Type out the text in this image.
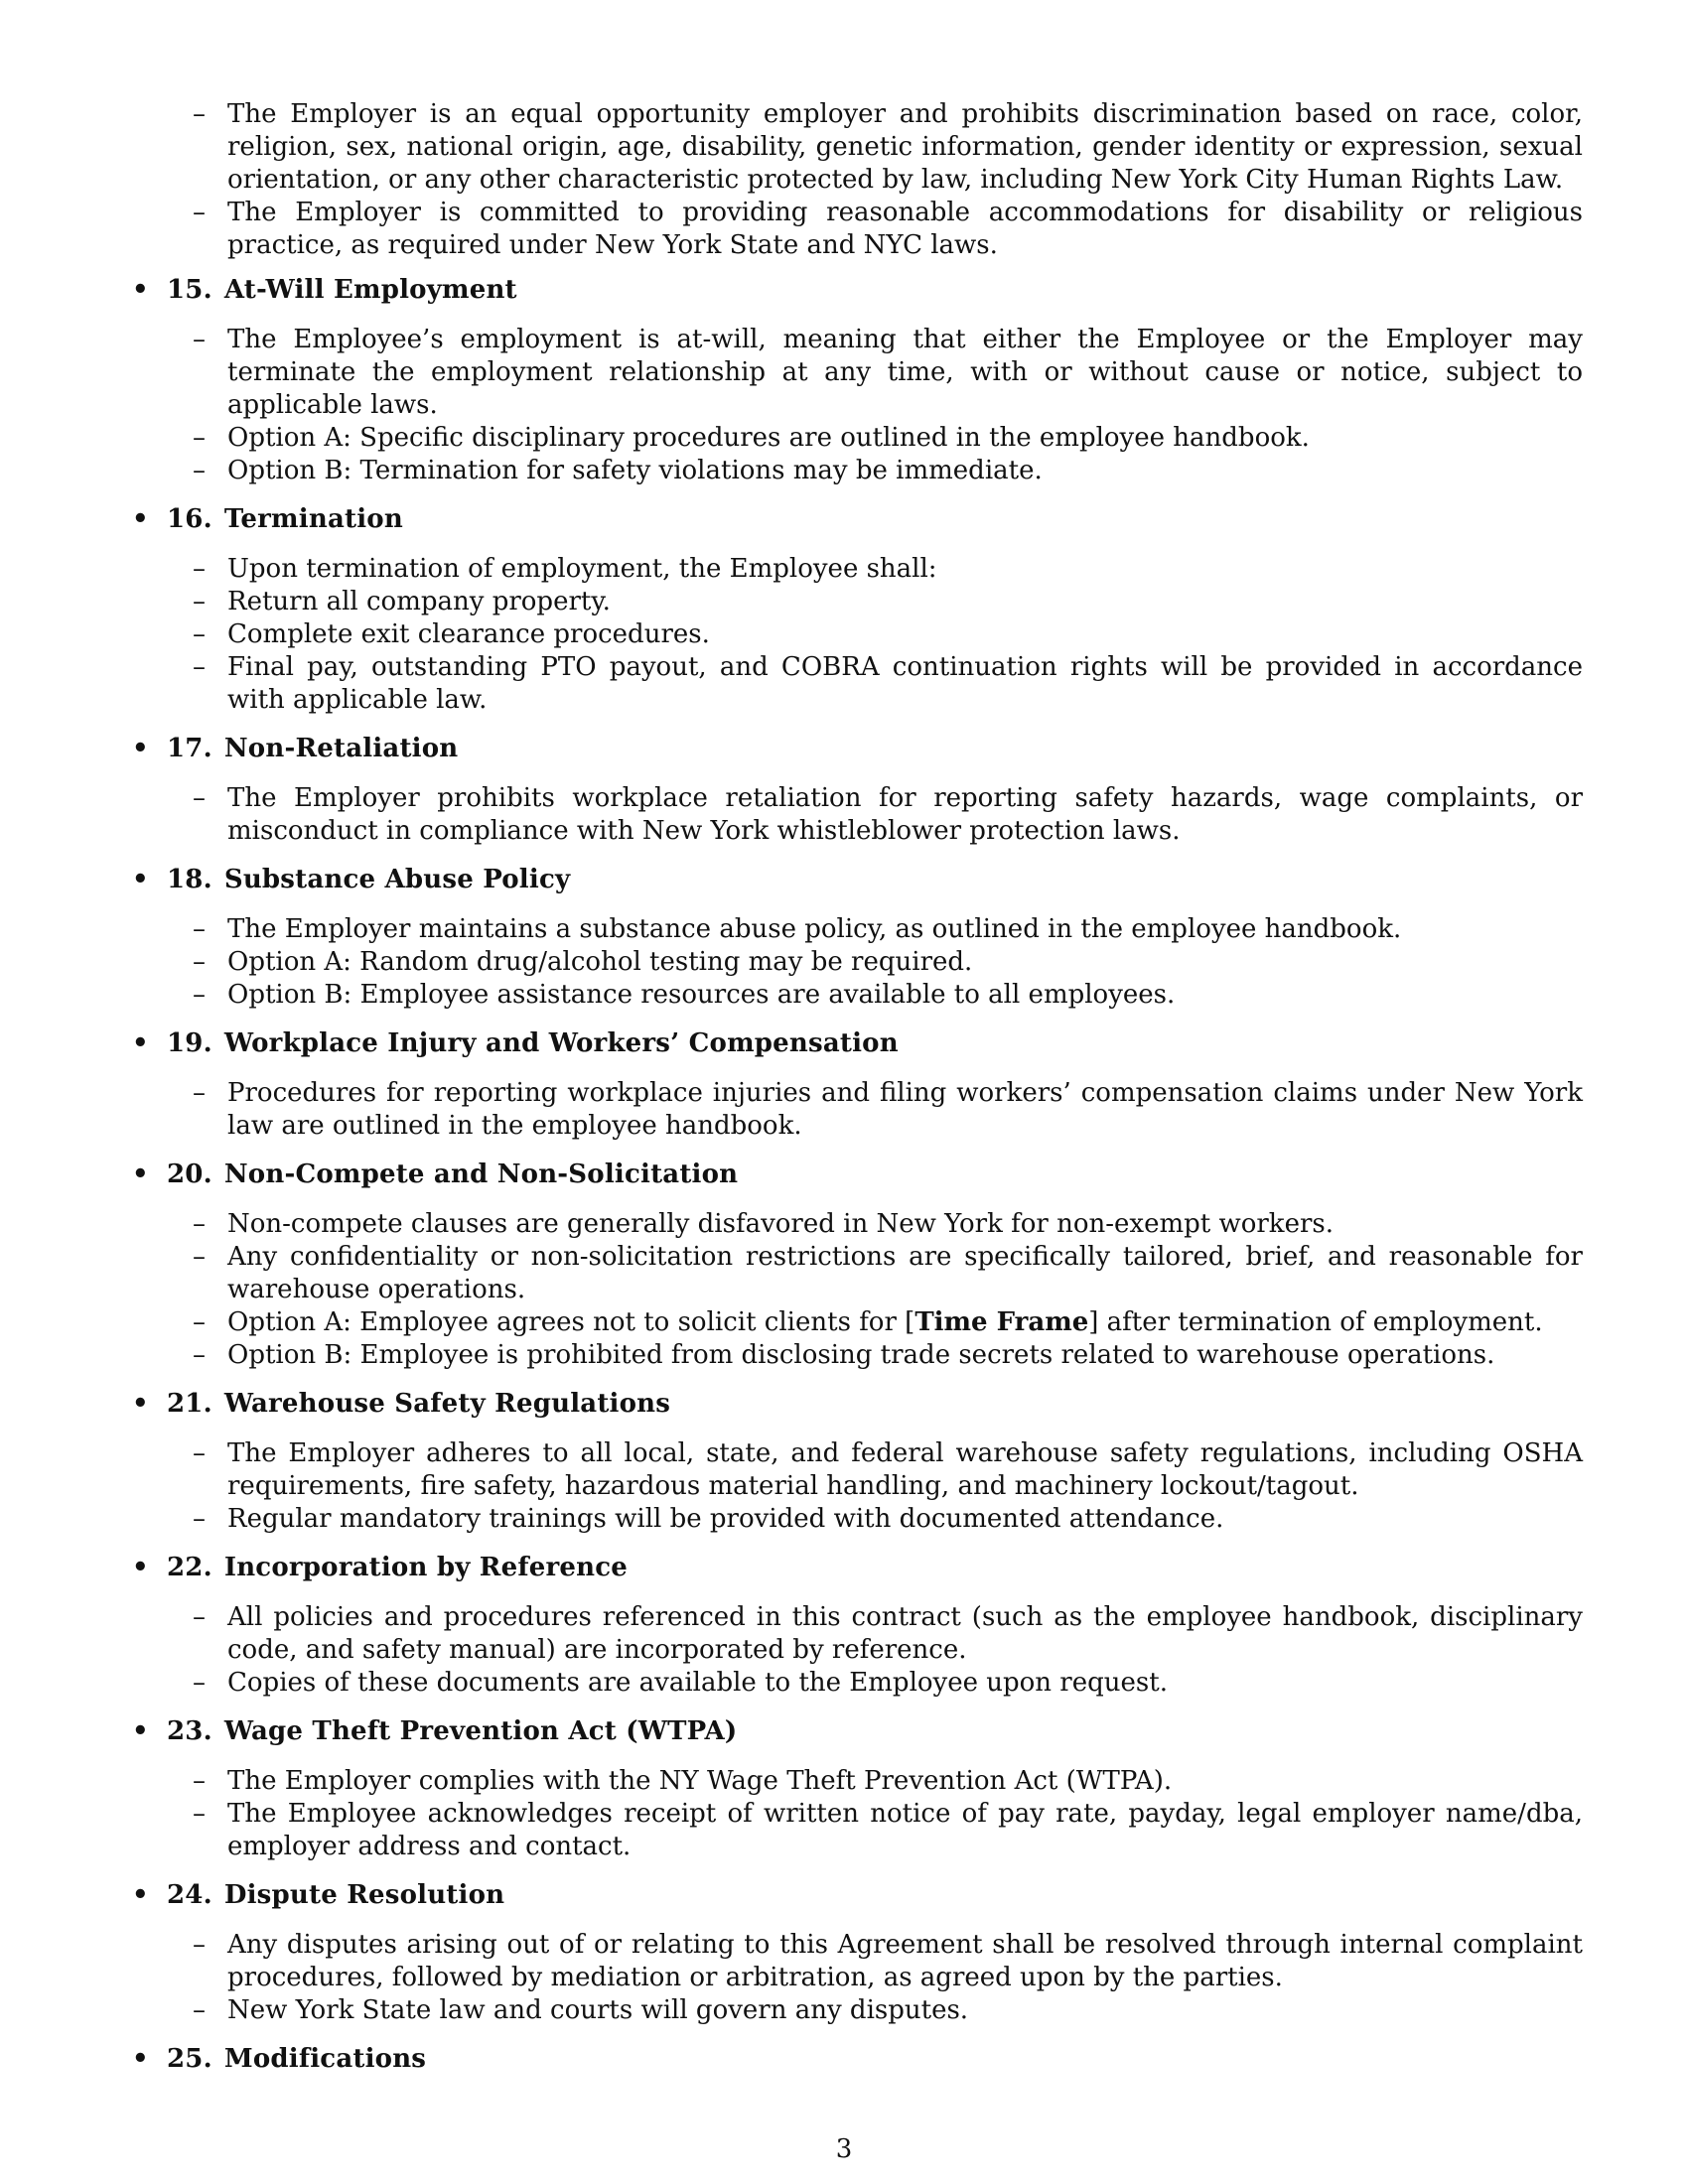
– The Employer is an equal opportunity employer and prohibits discrimination based on race, color, religion, sex, national origin, age, disability, genetic information, gender identity or expression, sexual orientation, or any other characteristic protected by law, including New York City Human Rights Law.
– The Employer is committed to providing reasonable accommodations for disability or religious practice, as required under New York State and NYC laws.
• 15. At-Will Employment
– The Employee’s employment is at-will, meaning that either the Employee or the Employer may terminate the employment relationship at any time, with or without cause or notice, subject to applicable laws.
– Option A: Specific disciplinary procedures are outlined in the employee handbook.
– Option B: Termination for safety violations may be immediate.
• 16. Termination
– Upon termination of employment, the Employee shall:
– Return all company property.
– Complete exit clearance procedures.
– Final pay, outstanding PTO payout, and COBRA continuation rights will be provided in accordance with applicable law.
• 17. Non-Retaliation
– The Employer prohibits workplace retaliation for reporting safety hazards, wage complaints, or misconduct in compliance with New York whistleblower protection laws.
• 18. Substance Abuse Policy
– The Employer maintains a substance abuse policy, as outlined in the employee handbook.
– Option A: Random drug/alcohol testing may be required.
– Option B: Employee assistance resources are available to all employees.
• 19. Workplace Injury and Workers’ Compensation
– Procedures for reporting workplace injuries and filing workers’ compensation claims under New York law are outlined in the employee handbook.
• 20. Non-Compete and Non-Solicitation
– Non-compete clauses are generally disfavored in New York for non-exempt workers.
– Any confidentiality or non-solicitation restrictions are specifically tailored, brief, and reasonable for warehouse operations.
– Option A: Employee agrees not to solicit clients for [Time Frame] after termination of employment.
– Option B: Employee is prohibited from disclosing trade secrets related to warehouse operations.
• 21. Warehouse Safety Regulations
– The Employer adheres to all local, state, and federal warehouse safety regulations, including OSHA requirements, fire safety, hazardous material handling, and machinery lockout/tagout.
– Regular mandatory trainings will be provided with documented attendance.
• 22. Incorporation by Reference
– All policies and procedures referenced in this contract (such as the employee handbook, disciplinary code, and safety manual) are incorporated by reference.
– Copies of these documents are available to the Employee upon request.
• 23. Wage Theft Prevention Act (WTPA)
– The Employer complies with the NY Wage Theft Prevention Act (WTPA).
– The Employee acknowledges receipt of written notice of pay rate, payday, legal employer name/dba, employer address and contact.
• 24. Dispute Resolution
– Any disputes arising out of or relating to this Agreement shall be resolved through internal complaint procedures, followed by mediation or arbitration, as agreed upon by the parties.
– New York State law and courts will govern any disputes.
• 25. Modifications
3
